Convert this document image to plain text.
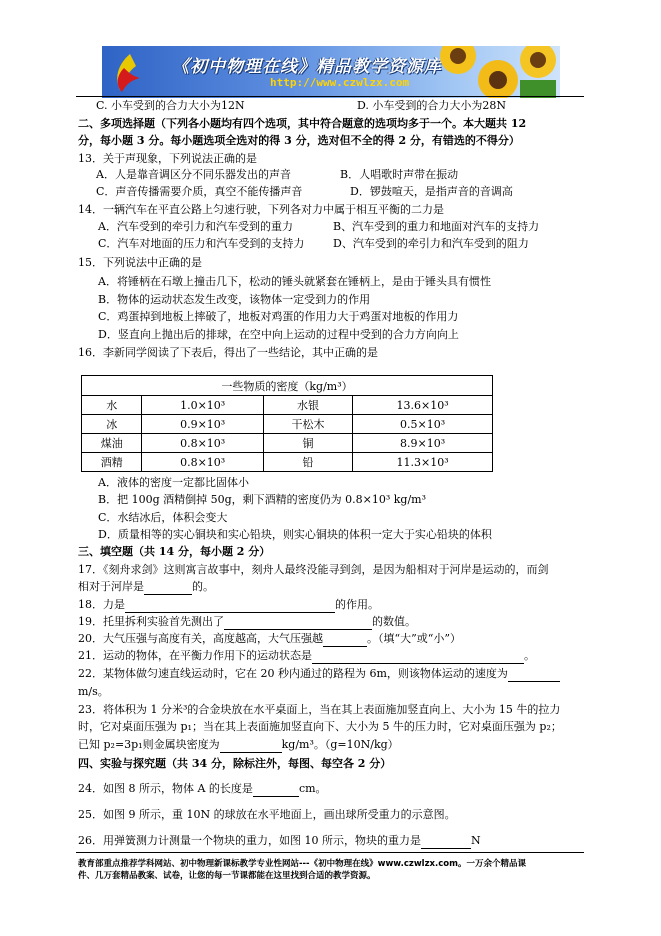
《初中物理在线》精品教学资源库
http://www.czwlzx.com
C. 小车受到的合力大小为12N	D. 小车受到的合力大小为28N
二、多项选择题（下列各小题均有四个选项，其中符合题意的选项均多于一个。本大题共 12
分，每小题 3 分。每小题选项全选对的得 3 分，选对但不全的得 2 分，有错选的不得分）
13．关于声现象，下列说法正确的是
A．人是靠音调区分不同乐器发出的声音	B．人唱歌时声带在振动
C．声音传播需要介质，真空不能传播声音	D．锣鼓喧天，是指声音的音调高
14．一辆汽车在平直公路上匀速行驶，下列各对力中属于相互平衡的二力是
A．汽车受到的牵引力和汽车受到的重力	B、汽车受到的重力和地面对汽车的支持力
C．汽车对地面的压力和汽车受到的支持力	D、汽车受到的牵引力和汽车受到的阻力
15．下列说法中正确的是
A．将锤柄在石墩上撞击几下，松动的锤头就紧套在锤柄上，是由于锤头具有惯性
B．物体的运动状态发生改变，该物体一定受到力的作用
C．鸡蛋掉到地板上摔破了，地板对鸡蛋的作用力大于鸡蛋对地板的作用力
D．竖直向上抛出后的排球，在空中向上运动的过程中受到的合力方向向上
16．李新同学阅读了下表后，得出了一些结论，其中正确的是
一些物质的密度（kg/m³）			
水	1.0×10³	水银	13.6×10³
冰	0.9×10³	干松木	0.5×10³
煤油	0.8×10³	铜	8.9×10³
酒精	0.8×10³	铅	11.3×10³
A．液体的密度一定都比固体小
B．把 100g 酒精倒掉 50g，剩下酒精的密度仍为 0.8×10³ kg/m³
C．水结冰后，体积会变大
D．质量相等的实心铜块和实心铅块，则实心铜块的体积一定大于实心铅块的体积
三、填空题（共 14 分，每小题 2 分）
17．《刻舟求剑》这则寓言故事中，刻舟人最终没能寻到剑，是因为船相对于河岸是运动的，而剑
相对于河岸是	的。
18．力是	的作用。
19．托里拆利实验首先测出了	的数值。
20．大气压强与高度有关，高度越高，大气压强越	。（填“大”或“小”）
21．运动的物体，在平衡力作用下的运动状态是	。
22．某物体做匀速直线运动时，它在 20 秒内通过的路程为 6m，则该物体运动的速度为
m/s。
23．将体积为 1 分米³的合金块放在水平桌面上，当在其上表面施加竖直向上、大小为 15 牛的拉力
时，它对桌面压强为 p₁；当在其上表面施加竖直向下、大小为 5 牛的压力时，它对桌面压强为 p₂；
已知 p₂=3p₁则金属块密度为	kg/m³。（g=10N/kg）
四、实验与探究题（共 34 分，除标注外，每图、每空各 2 分）
24．如图 8 所示，物体 A 的长度是	cm。
25．如图 9 所示，重 10N 的球放在水平地面上，画出球所受重力的示意图。
26．用弹簧测力计测量一个物块的重力，如图 10 所示，物块的重力是	N
教育部重点推荐学科网站、初中物理新课标教学专业性网站---《初中物理在线》www.czwlzx.com。一万余个精品课
件、几万套精品教案、试卷，让您的每一节课都能在这里找到合适的教学资源。
